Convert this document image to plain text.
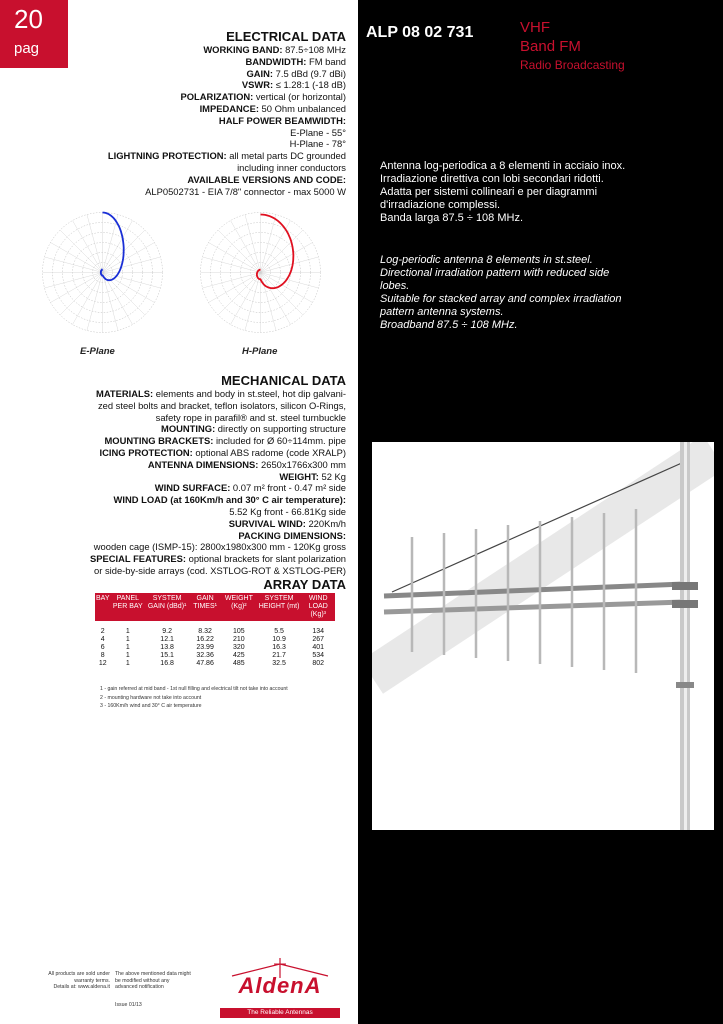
20
pag
ELECTRICAL DATA
WORKING BAND: 87.5÷108 MHz
BANDWIDTH: FM band
GAIN: 7.5 dBd (9.7 dBi)
VSWR: ≤ 1.28:1 (-18 dB)
POLARIZATION: vertical (or horizontal)
IMPEDANCE: 50 Ohm unbalanced
HALF POWER BEAMWIDTH:
E-Plane - 55°
H-Plane - 78°
LIGHTNING PROTECTION: all metal parts DC grounded
including inner conductors
AVAILABLE VERSIONS AND CODE:
ALP0502731 - EIA 7/8" connector - max 5000 W
E-Plane	H-Plane
MECHANICAL DATA
MATERIALS: elements and body in st.steel, hot dip galvani-
zed steel bolts and bracket, teflon isolators, silicon O-Rings,
safety rope in parafil® and st. steel turnbuckle
MOUNTING: directly on supporting structure
MOUNTING BRACKETS: included for Ø 60÷114mm. pipe
ICING PROTECTION: optional ABS radome (code XRALP)
ANTENNA DIMENSIONS: 2650x1766x300 mm
WEIGHT: 52 Kg
WIND SURFACE: 0.07 m² front - 0.47 m² side
WIND LOAD (at 160Km/h and 30° C air temperature):
5.52 Kg front - 66.81Kg side
SURVIVAL WIND: 220Km/h
PACKING DIMENSIONS:
wooden cage (ISMP-15): 2800x1980x300 mm - 120Kg gross
SPECIAL FEATURES: optional brackets for slant polarization
or side-by-side arrays (cod. XSTLOG-ROT & XSTLOG-PER)
ARRAY DATA
BAY	PANEL PER BAY	SYSTEM GAIN (dBd)¹	GAIN TIMES¹	WEIGHT (Kg)²	SYSTEM HEIGHT (mt)	WIND LOAD (Kg)³

2	1	9.2	8.32	105	5.5	134
4	1	12.1	16.22	210	10.9	267
6	1	13.8	23.99	320	16.3	401
8	1	15.1	32.36	425	21.7	534
12	1	16.8	47.86	485	32.5	802
1 - gain referred at mid band - 1st null filling and electrical tilt not take into account
2 - mounting hardware not take into account
3 - 160Km/h wind and 30° C air temperature
ALP 08 02 731	VHF
Band FM
Radio Broadcasting
Antenna log-periodica a 8 elementi in acciaio inox.
Irradiazione direttiva con lobi secondari ridotti.
Adatta per sistemi collineari e per diagrammi
d'irradiazione complessi.
Banda larga 87.5 ÷ 108 MHz.
Log-periodic antenna 8 elements in st.steel.
Directional irradiation pattern with reduced side
lobes.
Suitable for stacked array and complex irradiation
pattern antenna systems.
Broadband 87.5 ÷ 108 MHz.
All products are sold under
warranty terms.
Details at: www.aldena.it
The above mentioned data might
be modified without any
advanced notification
Issue 01/13
AldenA
The Reliable Antennas
